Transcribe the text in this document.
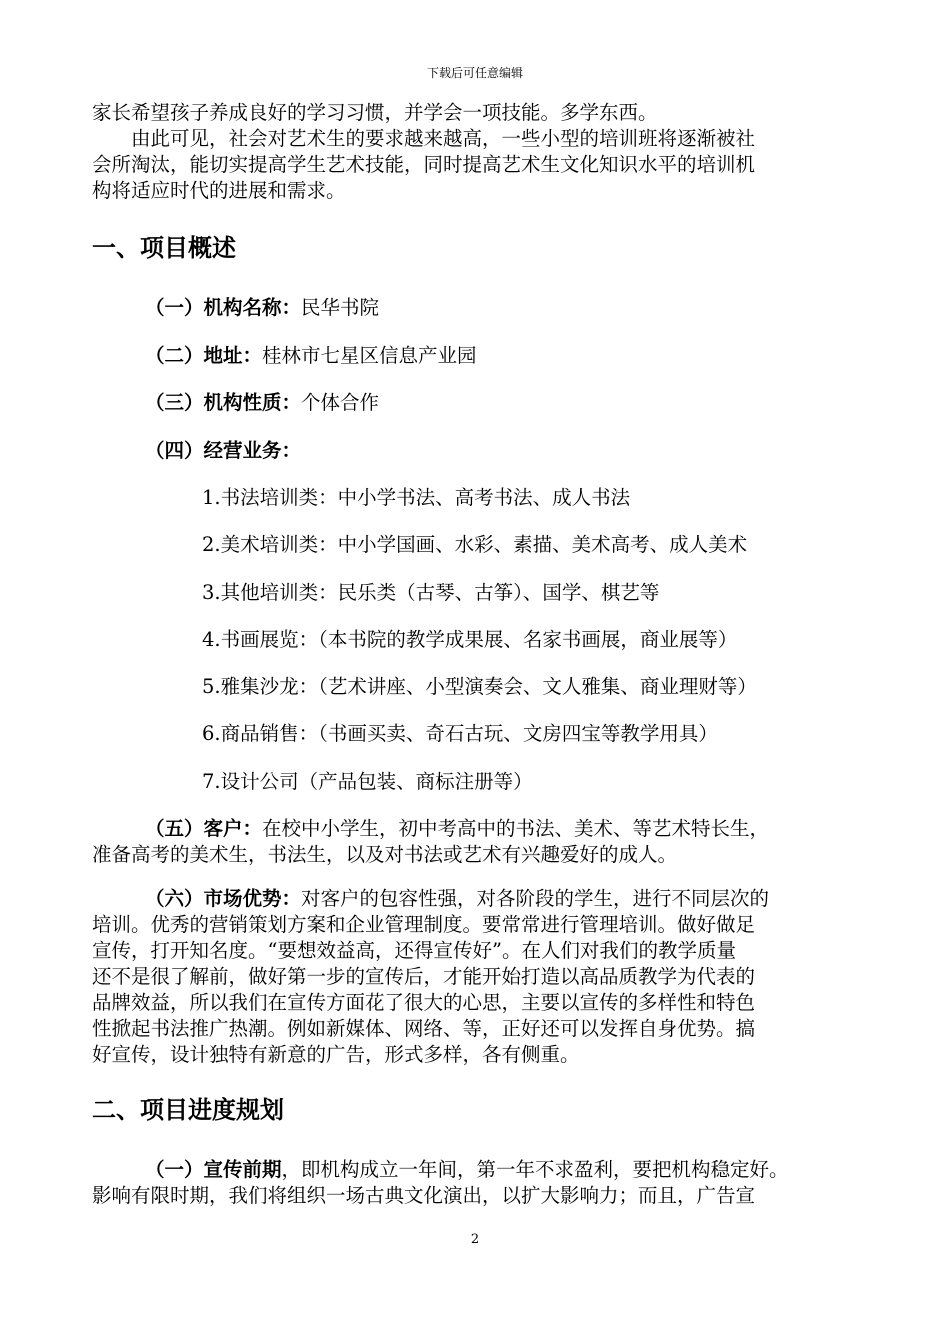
下载后可任意编辑
家长希望孩子养成良好的学习习惯，并学会一项技能。多学东西。
　　由此可见，社会对艺术生的要求越来越高，一些小型的培训班将逐渐被社
会所淘汰，能切实提高学生艺术技能，同时提高艺术生文化知识水平的培训机
构将适应时代的进展和需求。
一、项目概述
（一）机构名称：民华书院
（二）地址：桂林市七星区信息产业园
（三）机构性质：个体合作
（四）经营业务：
1.书法培训类：中小学书法、高考书法、成人书法
2.美术培训类：中小学国画、水彩、素描、美术高考、成人美术
3.其他培训类：民乐类（古琴、古筝）、国学、棋艺等
4.书画展览：（本书院的教学成果展、名家书画展，商业展等）
5.雅集沙龙：（艺术讲座、小型演奏会、文人雅集、商业理财等）
6.商品销售：（书画买卖、奇石古玩、文房四宝等教学用具）
7.设计公司（产品包装、商标注册等）
（五）客户：在校中小学生，初中考高中的书法、美术、等艺术特长生，
准备高考的美术生，书法生，以及对书法或艺术有兴趣爱好的成人。
（六）市场优势：对客户的包容性强，对各阶段的学生，进行不同层次的
培训。优秀的营销策划方案和企业管理制度。要常常进行管理培训。做好做足
宣传，打开知名度。“要想效益高，还得宣传好”。在人们对我们的教学质量
还不是很了解前，做好第一步的宣传后，才能开始打造以高品质教学为代表的
品牌效益，所以我们在宣传方面花了很大的心思，主要以宣传的多样性和特色
性掀起书法推广热潮。例如新媒体、网络、等，正好还可以发挥自身优势。搞
好宣传，设计独特有新意的广告，形式多样，各有侧重。
二、项目进度规划
（一）宣传前期，即机构成立一年间，第一年不求盈利，要把机构稳定好。
影响有限时期，我们将组织一场古典文化演出，以扩大影响力；而且，广告宣
2
